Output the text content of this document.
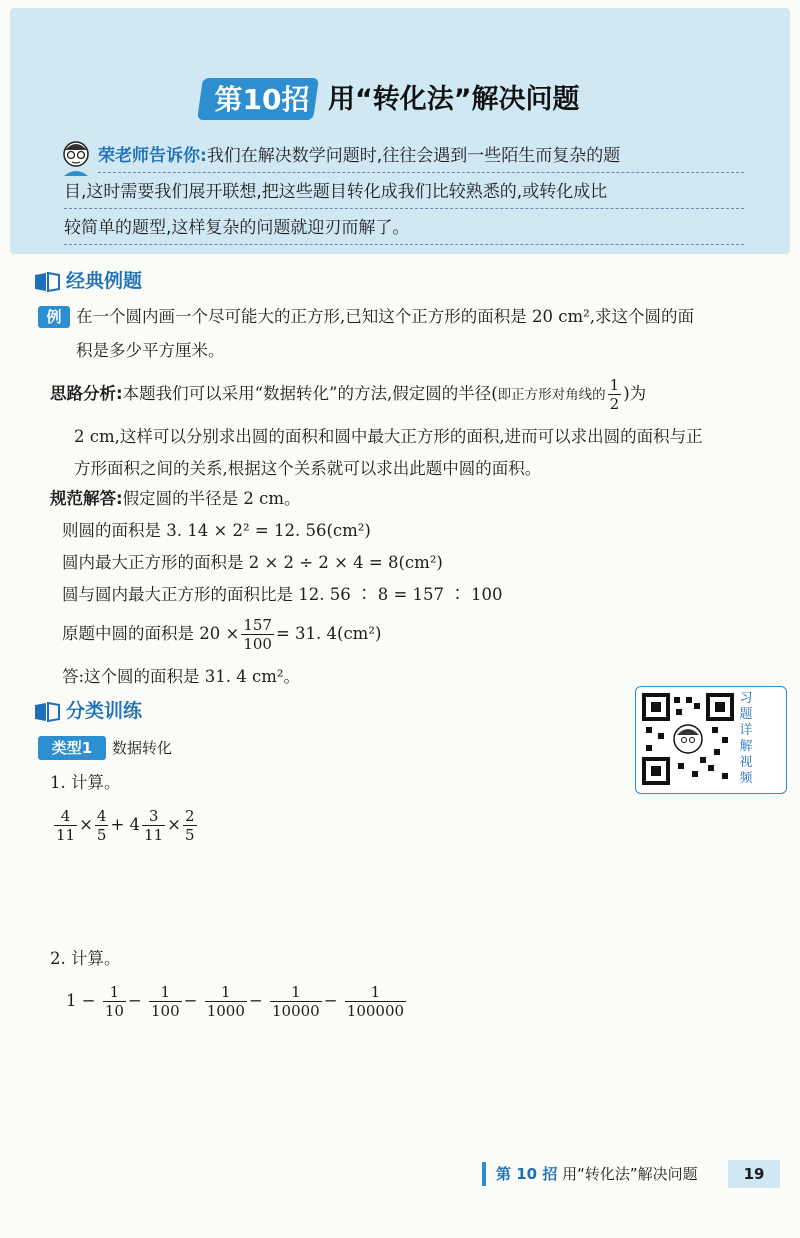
第10招 用“转化法”解决问题
荣老师告诉你:我们在解决数学问题时,往往会遇到一些陌生而复杂的题
目,这时需要我们展开联想,把这些题目转化成我们比较熟悉的,或转化成比
较简单的题型,这样复杂的问题就迎刃而解了。
经典例题
例 在一个圆内画一个尽可能大的正方形,已知这个正方形的面积是 20 cm²,求这个圆的面
积是多少平方厘米。
思路分析:本题我们可以采用“数据转化”的方法,假定圆的半径(即正方形对角线的 $\frac{1}{2}$ )为
2 cm,这样可以分别求出圆的面积和圆中最大正方形的面积,进而可以求出圆的面积与正
方形面积之间的关系,根据这个关系就可以求出此题中圆的面积。
规范解答:假定圆的半径是 2 cm。
则圆的面积是 3. 14 × 2² = 12. 56(cm²)
圆内最大正方形的面积是 2 × 2 ÷ 2 × 4 = 8(cm²)
圆与圆内最大正方形的面积比是 12. 56 ∶ 8 = 157 ∶ 100
原题中圆的面积是 $20 \times \frac{157}{100} = 31$. 4(cm²)
答:这个圆的面积是 31. 4 cm²。
分类训练
习题详解视频
类型1	数据转化
1. 计算。
$\frac{4}{11} \times \frac{4}{5} + 4 \frac{3}{11} \times \frac{2}{5}$
2. 计算。
$1 - \frac{1}{10} - \frac{1}{100} - \frac{1}{1000} - \frac{1}{10000} - \frac{1}{100000}$
第 10 招 用“转化法”解决问题	19
